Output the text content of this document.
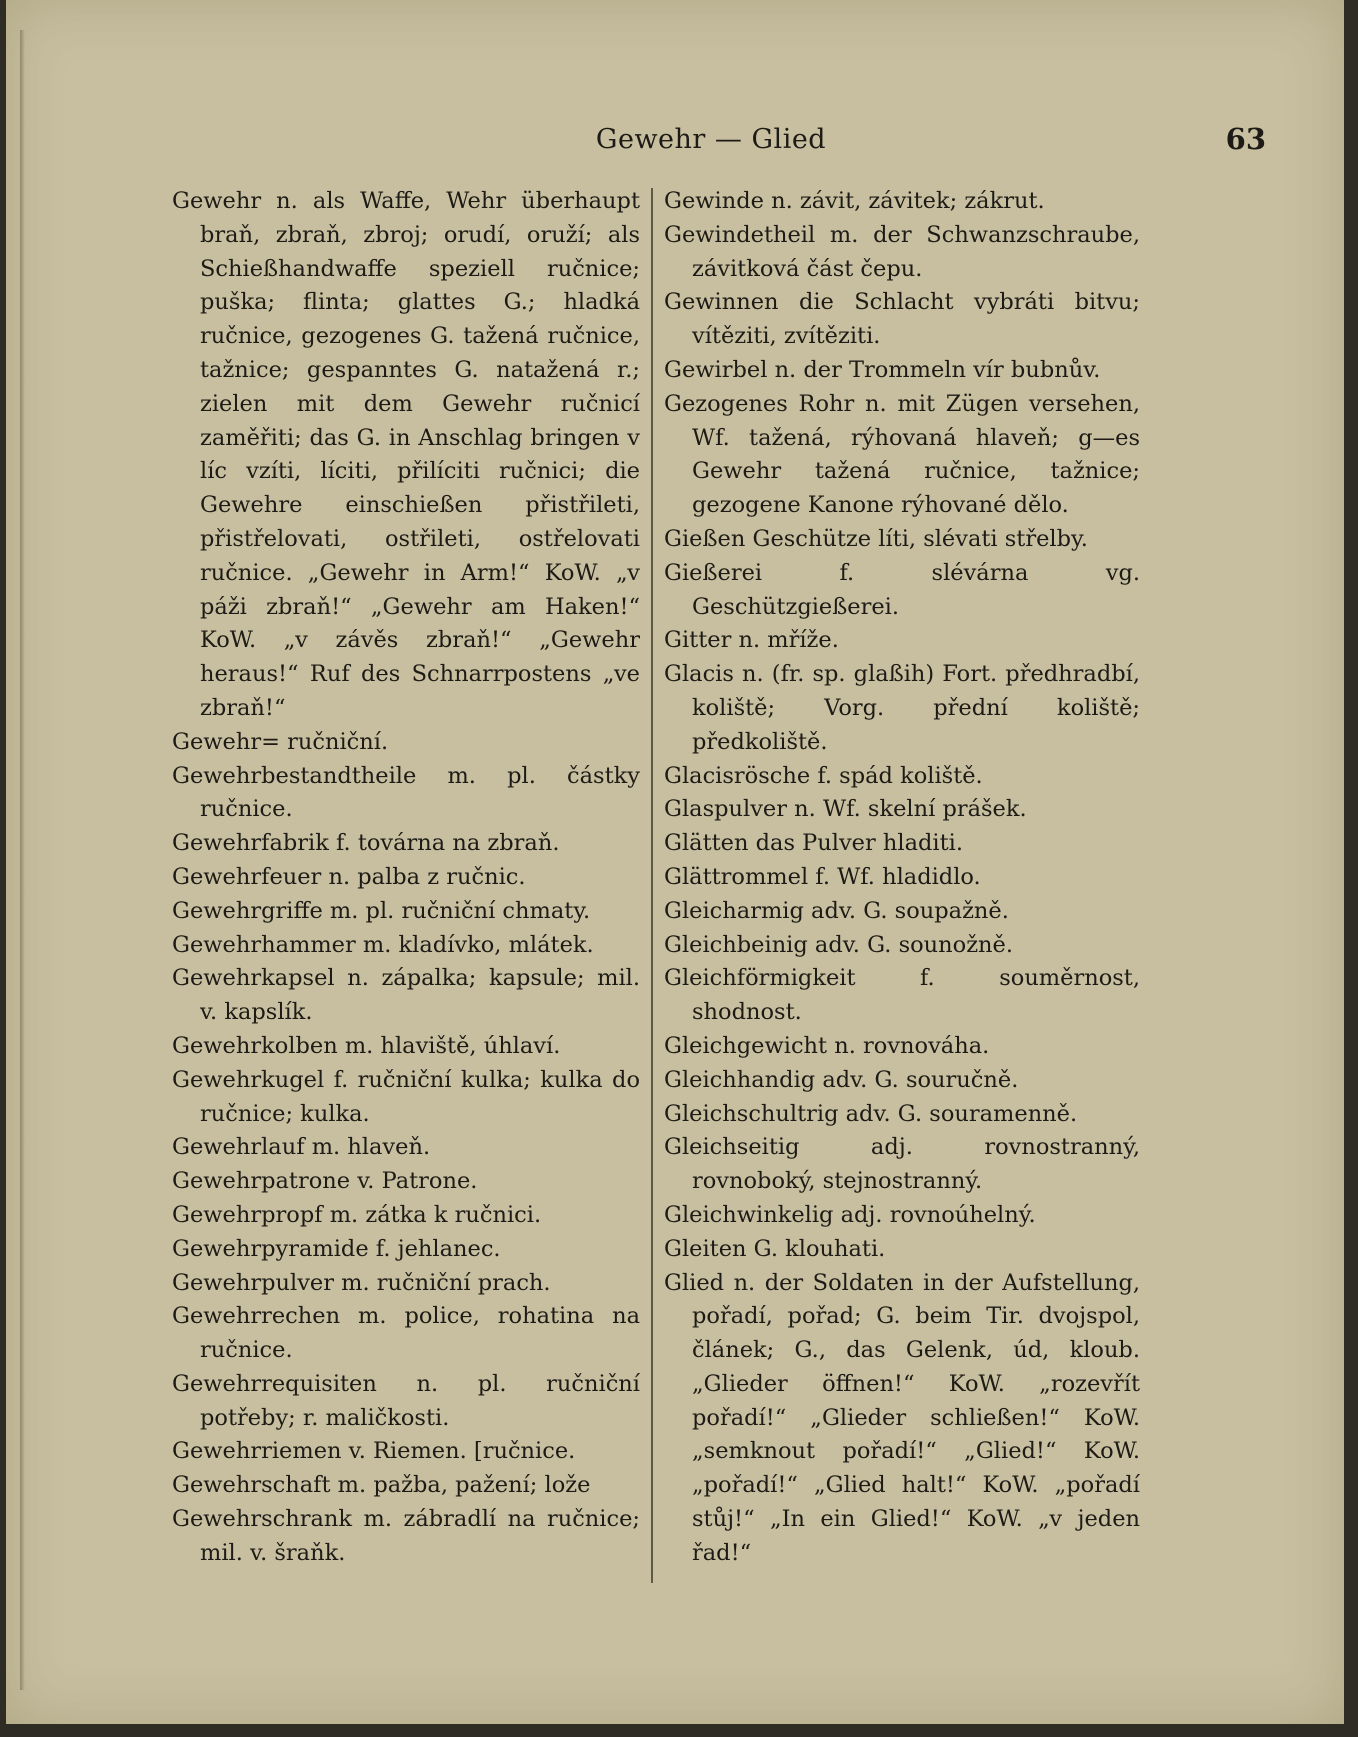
Gewehr — Glied	63

Gewehr n. als Waffe, Wehr überhaupt braň, zbraň, zbroj; orudí, oruží; als Schießhandwaffe speziell ručnice; puška; flinta; glattes G.; hladká ručnice, gezogenes G. tažená ručnice, tažnice; gespanntes G. natažená r.; zielen mit dem Gewehr ručnicí zaměřiti; das G. in Anschlag bringen v líc vzíti, líciti, přilíciti ručnici; die Gewehre einschießen přistřileti, přistřelovati, ostřileti, ostřelovati ručnice. „Gewehr in Arm!“ KoW. „v páži zbraň!“ „Gewehr am Haken!“ KoW. „v závěs zbraň!“ „Gewehr heraus!“ Ruf des Schnarrpostens „ve zbraň!“

Gewehr= ručniční.

Gewehrbestandtheile m. pl. částky ručnice.

Gewehrfabrik f. továrna na zbraň.

Gewehrfeuer n. palba z ručnic.

Gewehrgriffe m. pl. ručniční chmaty.

Gewehrhammer m. kladívko, mlátek.

Gewehrkapsel n. zápalka; kapsule; mil. v. kapslík.

Gewehrkolben m. hlaviště, úhlaví.

Gewehrkugel f. ručniční kulka; kulka do ručnice; kulka.

Gewehrlauf m. hlaveň.

Gewehrpatrone v. Patrone.

Gewehrpropf m. zátka k ručnici.

Gewehrpyramide f. jehlanec.

Gewehrpulver m. ručniční prach.

Gewehrrechen m. police, rohatina na ručnice.

Gewehrrequisiten n. pl. ručniční potřeby; r. maličkosti.

Gewehrriemen v. Riemen. [ručnice.

Gewehrschaft m. pažba, pažení; lože

Gewehrschrank m. zábradlí na ručnice; mil. v. šraňk.

Gewinde n. závit, závitek; zákrut.

Gewindetheil m. der Schwanzschraube, závitková část čepu.

Gewinnen die Schlacht vybráti bitvu; vítěziti, zvítěziti.

Gewirbel n. der Trommeln vír bubnův.

Gezogenes Rohr n. mit Zügen versehen, Wf. tažená, rýhovaná hlaveň; g—es Gewehr tažená ručnice, tažnice; gezogene Kanone rýhované dělo.

Gießen Geschütze líti, slévati střelby.

Gießerei f. slévárna vg. Geschützgießerei.

Gitter n. mříže.

Glacis n. (fr. sp. glaßih) Fort. předhradbí, koliště; Vorg. přední koliště; předkoliště.

Glacisrösche f. spád koliště.

Glaspulver n. Wf. skelní prášek.

Glätten das Pulver hladiti.

Glättrommel f. Wf. hladidlo.

Gleicharmig adv. G. soupažně.

Gleichbeinig adv. G. sounožně.

Gleichförmigkeit f. souměrnost, shodnost.

Gleichgewicht n. rovnováha.

Gleichhandig adv. G. souručně.

Gleichschultrig adv. G. souramenně.

Gleichseitig adj. rovnostranný, rovnoboký, stejnostranný.

Gleichwinkelig adj. rovnoúhelný.

Gleiten G. klouhati.

Glied n. der Soldaten in der Aufstellung, pořadí, pořad; G. beim Tir. dvojspol, článek; G., das Gelenk, úd, kloub. „Glieder öffnen!“ KoW. „rozevřít pořadí!“ „Glieder schließen!“ KoW. „semknout pořadí!“ „Glied!“ KoW. „pořadí!“ „Glied halt!“ KoW. „pořadí stůj!“ „In ein Glied!“ KoW. „v jeden řad!“
